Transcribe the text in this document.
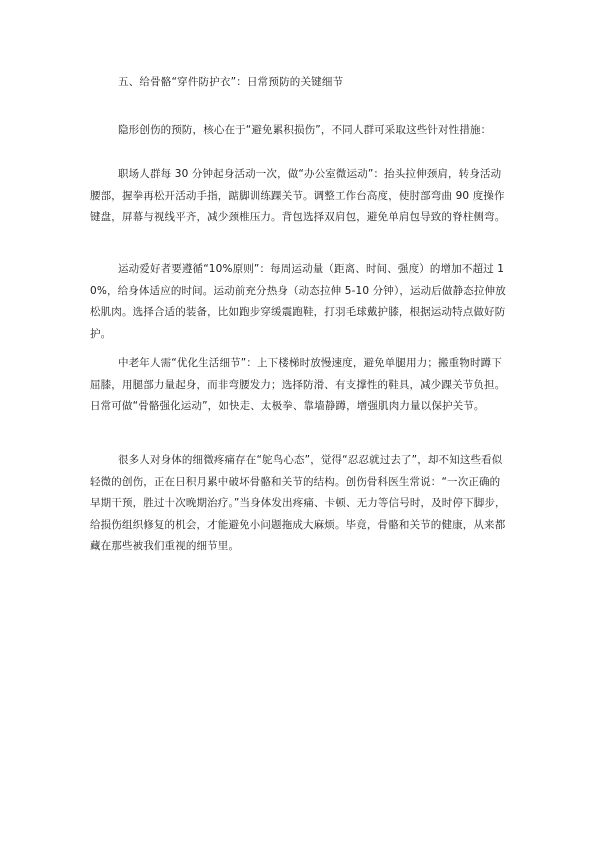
五、给骨骼“穿件防护衣”：日常预防的关键细节

隐形创伤的预防，核心在于“避免累积损伤”，不同人群可采取这些针对性措施：

职场人群每 30 分钟起身活动一次，做“办公室微运动”：抬头拉伸颈肩，转身活动腰部，握拳再松开活动手指，踮脚训练踝关节。调整工作台高度，使肘部弯曲 90 度操作键盘，屏幕与视线平齐，减少颈椎压力。背包选择双肩包，避免单肩包导致的脊柱侧弯。

运动爱好者要遵循“10%原则”：每周运动量（距离、时间、强度）的增加不超过 10%，给身体适应的时间。运动前充分热身（动态拉伸 5-10 分钟），运动后做静态拉伸放松肌肉。选择合适的装备，比如跑步穿缓震跑鞋，打羽毛球戴护膝，根据运动特点做好防护。

中老年人需“优化生活细节”：上下楼梯时放慢速度，避免单腿用力；搬重物时蹲下屈膝，用腿部力量起身，而非弯腰发力；选择防滑、有支撑性的鞋具，减少踝关节负担。日常可做“骨骼强化运动”，如快走、太极拳、靠墙静蹲，增强肌肉力量以保护关节。

很多人对身体的细微疼痛存在“鸵鸟心态”，觉得“忍忍就过去了”，却不知这些看似轻微的创伤，正在日积月累中破坏骨骼和关节的结构。创伤骨科医生常说：“一次正确的早期干预，胜过十次晚期治疗。”当身体发出疼痛、卡顿、无力等信号时，及时停下脚步，给损伤组织修复的机会，才能避免小问题拖成大麻烦。毕竟，骨骼和关节的健康，从来都藏在那些被我们重视的细节里。
